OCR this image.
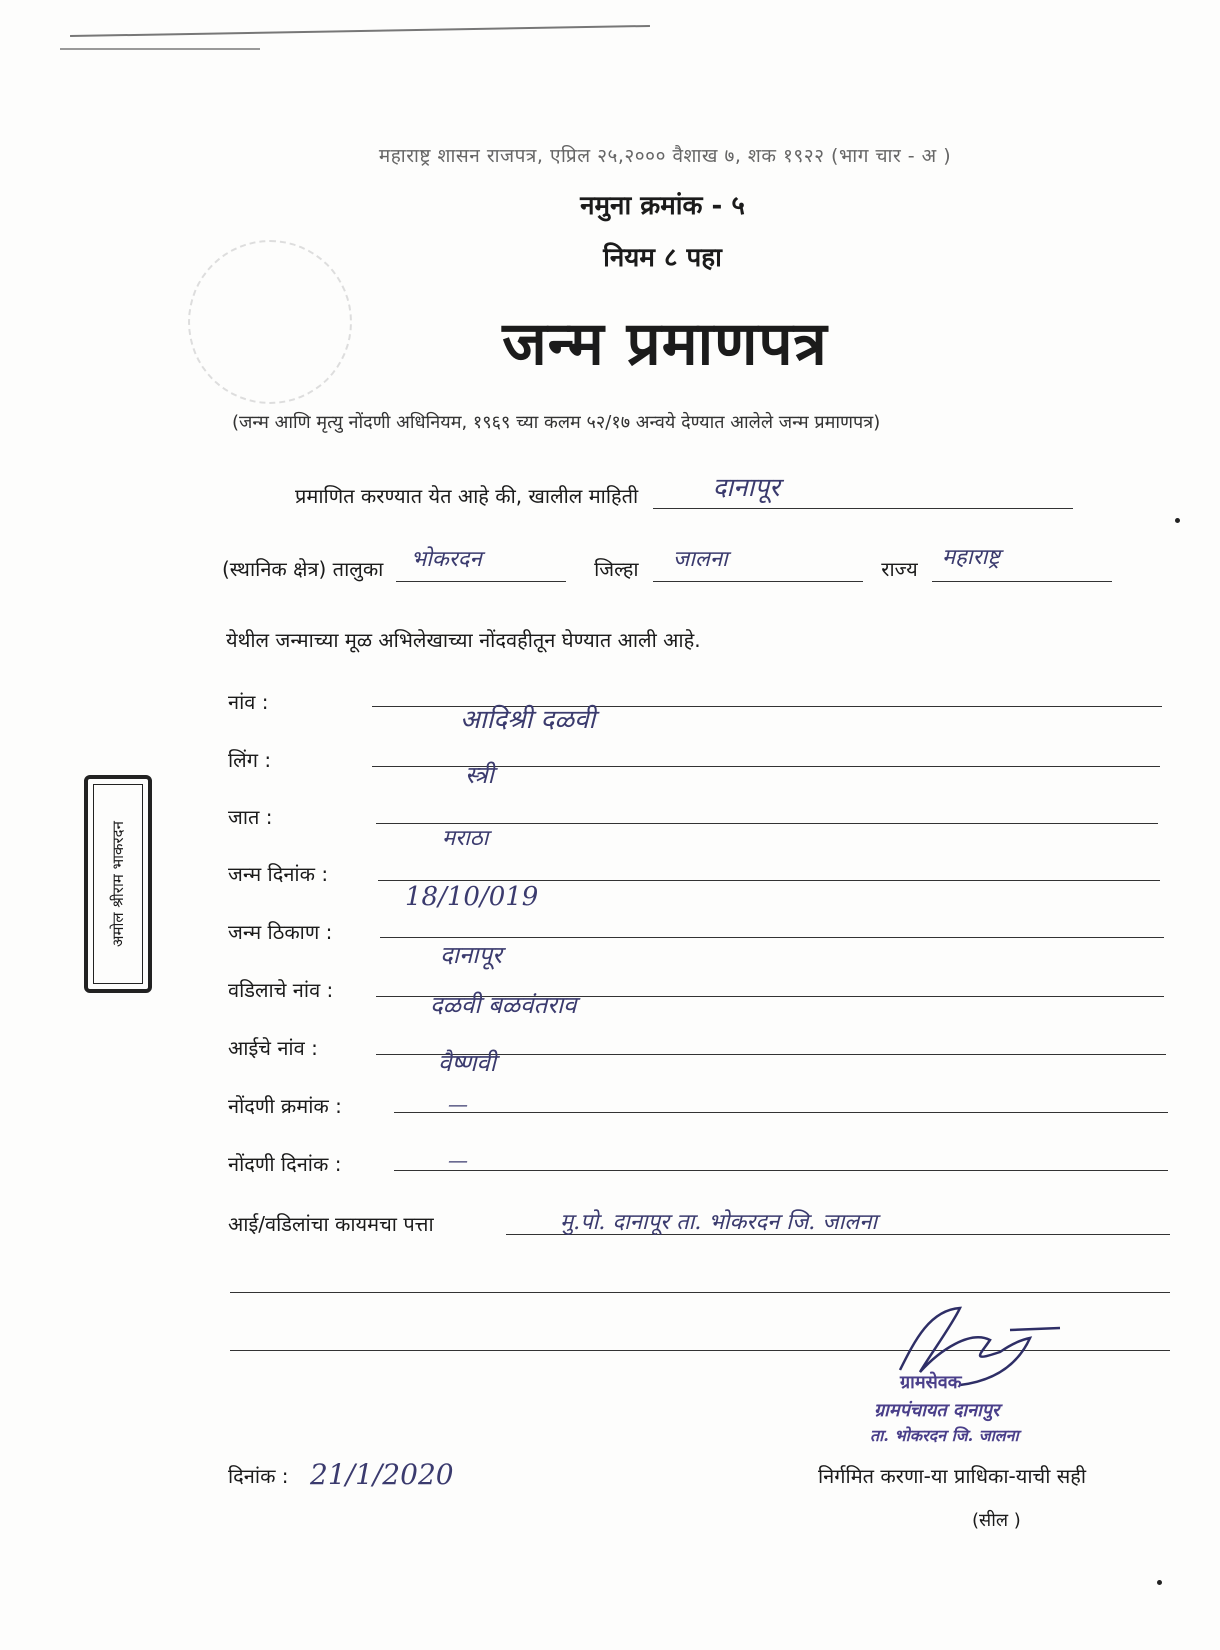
महाराष्ट्र शासन राजपत्र, एप्रिल २५,२००० वैशाख ७, शक १९२२ (भाग चार - अ )
नमुना क्रमांक - ५
नियम ८ पहा
जन्म प्रमाणपत्र
(जन्म आणि मृत्यु नोंदणी अधिनियम, १९६९ च्या कलम ५२/१७ अन्वये देण्यात आलेले जन्म प्रमाणपत्र)
प्रमाणित करण्यात येत आहे की, खालील माहिती	दानापूर
(स्थानिक क्षेत्र) तालुका भोकरदन	जिल्हा जालना	राज्य महाराष्ट्र
येथील जन्माच्या मूळ अभिलेखाच्या नोंदवहीतून घेण्यात आली आहे.
नांव :
आदिश्री दळवी
लिंग :
स्त्री
जात :
मराठा
जन्म दिनांक :
18/10/019
जन्म ठिकाण :
दानापूर
वडिलाचे नांव :
दळवी बळवंतराव
आईचे नांव :
वैष्णवी
नोंदणी क्रमांक :	—
नोंदणी दिनांक :	—
आई/वडिलांचा कायमचा पत्ता	मु.पो. दानापूर ता. भोकरदन जि. जालना
अमोल श्रीराम भाकरदन
ग्रामसेवक
ग्रामपंचायत दानापुर
ता. भोकरदन जि. जालना
दिनांक : 21/1/2020	निर्गमित करणा-या प्राधिका-याची सही
(सील )
